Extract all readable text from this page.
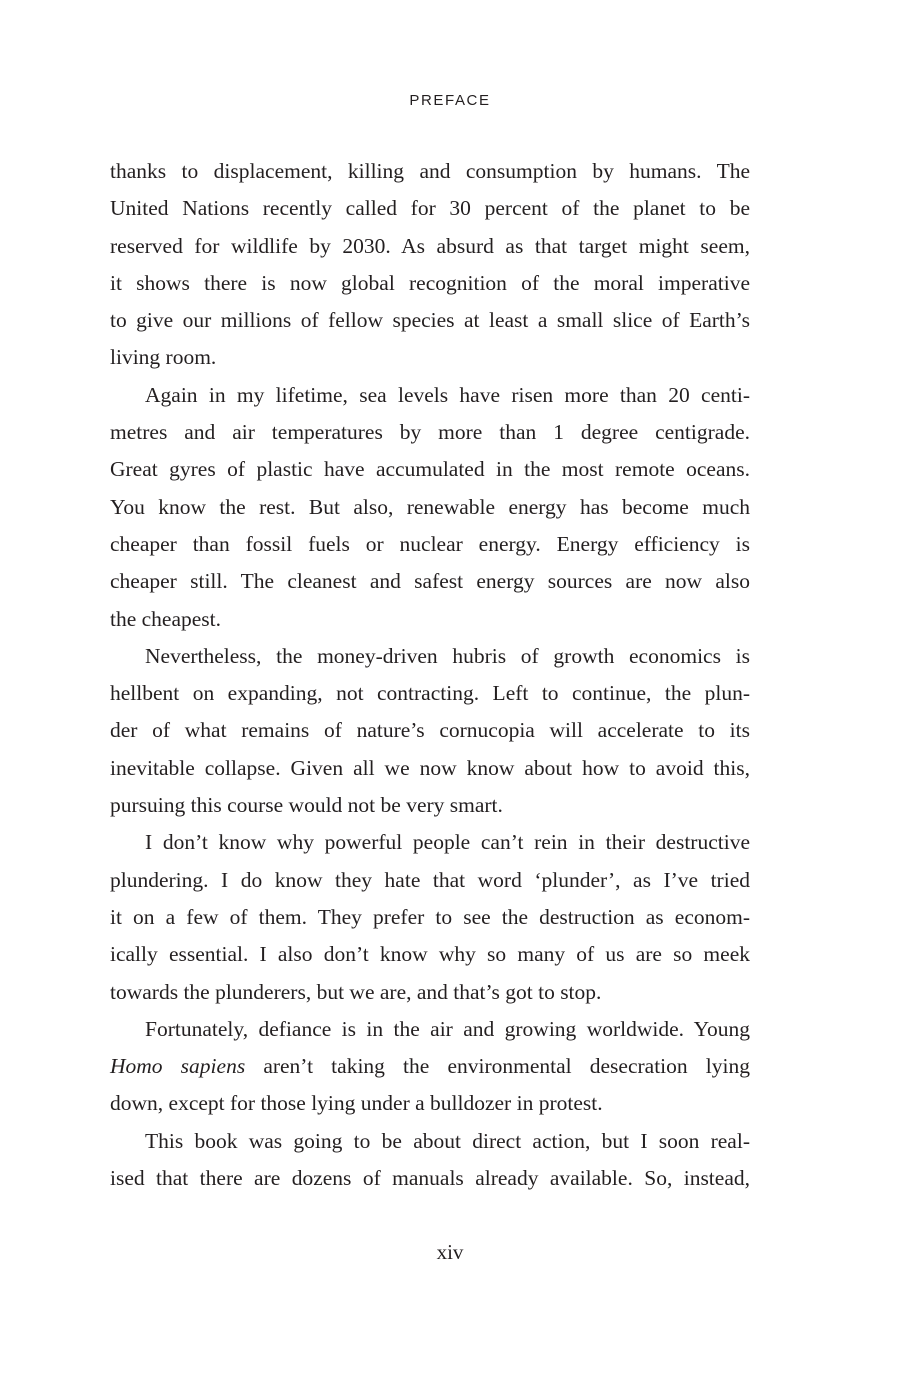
PREFACE

thanks to displacement, killing and consumption by humans. The
United Nations recently called for 30 percent of the planet to be
reserved for wildlife by 2030. As absurd as that target might seem,
it shows there is now global recognition of the moral imperative
to give our millions of fellow species at least a small slice of Earth’s
living room.

Again in my lifetime, sea levels have risen more than 20 centi-
metres and air temperatures by more than 1 degree centigrade.
Great gyres of plastic have accumulated in the most remote oceans.
You know the rest. But also, renewable energy has become much
cheaper than fossil fuels or nuclear energy. Energy efficiency is
cheaper still. The cleanest and safest energy sources are now also
the cheapest.

Nevertheless, the money-driven hubris of growth economics is
hellbent on expanding, not contracting. Left to continue, the plun-
der of what remains of nature’s cornucopia will accelerate to its
inevitable collapse. Given all we now know about how to avoid this,
pursuing this course would not be very smart.

I don’t know why powerful people can’t rein in their destructive
plundering. I do know they hate that word ‘plunder’, as I’ve tried
it on a few of them. They prefer to see the destruction as econom-
ically essential. I also don’t know why so many of us are so meek
towards the plunderers, but we are, and that’s got to stop.

Fortunately, defiance is in the air and growing worldwide. Young
Homo sapiens aren’t taking the environmental desecration lying
down, except for those lying under a bulldozer in protest.

This book was going to be about direct action, but I soon real-
ised that there are dozens of manuals already available. So, instead,

xiv
